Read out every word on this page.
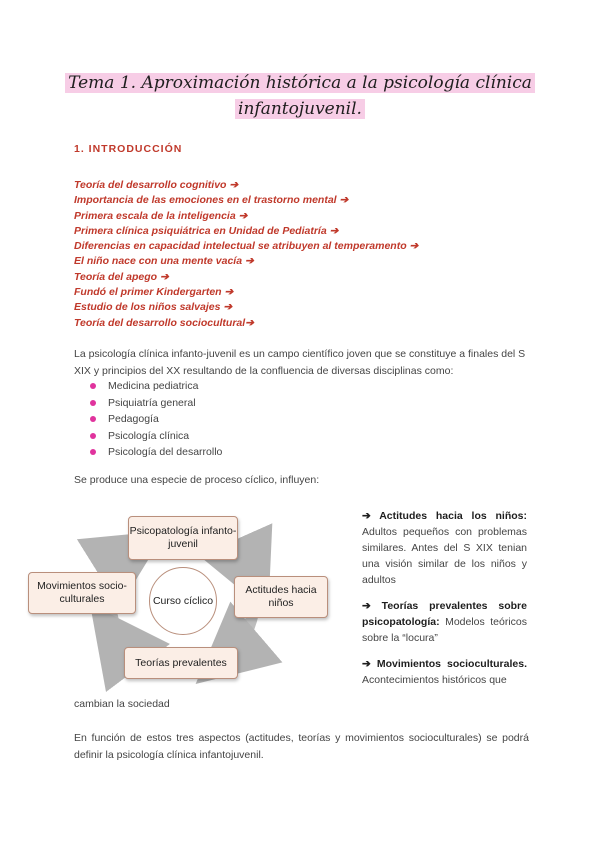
Tema 1. Aproximación histórica a la psicología clínica
infantojuvenil.
1. INTRODUCCIÓN
Teoría del desarrollo cognitivo ➔
Importancia de las emociones en el trastorno mental ➔
Primera escala de la inteligencia ➔
Primera clínica psiquiátrica en Unidad de Pediatría ➔
Diferencias en capacidad intelectual se atribuyen al temperamento ➔
El niño nace con una mente vacía ➔
Teoría del apego ➔
Fundó el primer Kindergarten ➔
Estudio de los niños salvajes ➔
Teoría del desarrollo sociocultural➔
La psicología clínica infanto-juvenil es un campo científico joven que se constituye a finales del S XIX y principios del XX resultando de la confluencia de diversas disciplinas como:
Medicina pediatrica
Psiquiatría general
Pedagogía
Psicología clínica
Psicología del desarrollo
Se produce una especie de proceso cíclico, influyen:
Psicopatología infanto-juvenil
Actitudes hacia niños
Teorías prevalentes
Movimientos socio-culturales	Curso cíclico
➔ Actitudes hacia los niños: Adultos pequeños con problemas similares. Antes del S XIX tenian una visión similar de los niños y adultos
➔ Teorías prevalentes sobre psicopatología: Modelos teóricos sobre la “locura”
➔ Movimientos socioculturales. Acontecimientos históricos que
cambian la sociedad
En función de estos tres aspectos (actitudes, teorías y movimientos socioculturales) se podrá definir la psicología clínica infantojuvenil.
